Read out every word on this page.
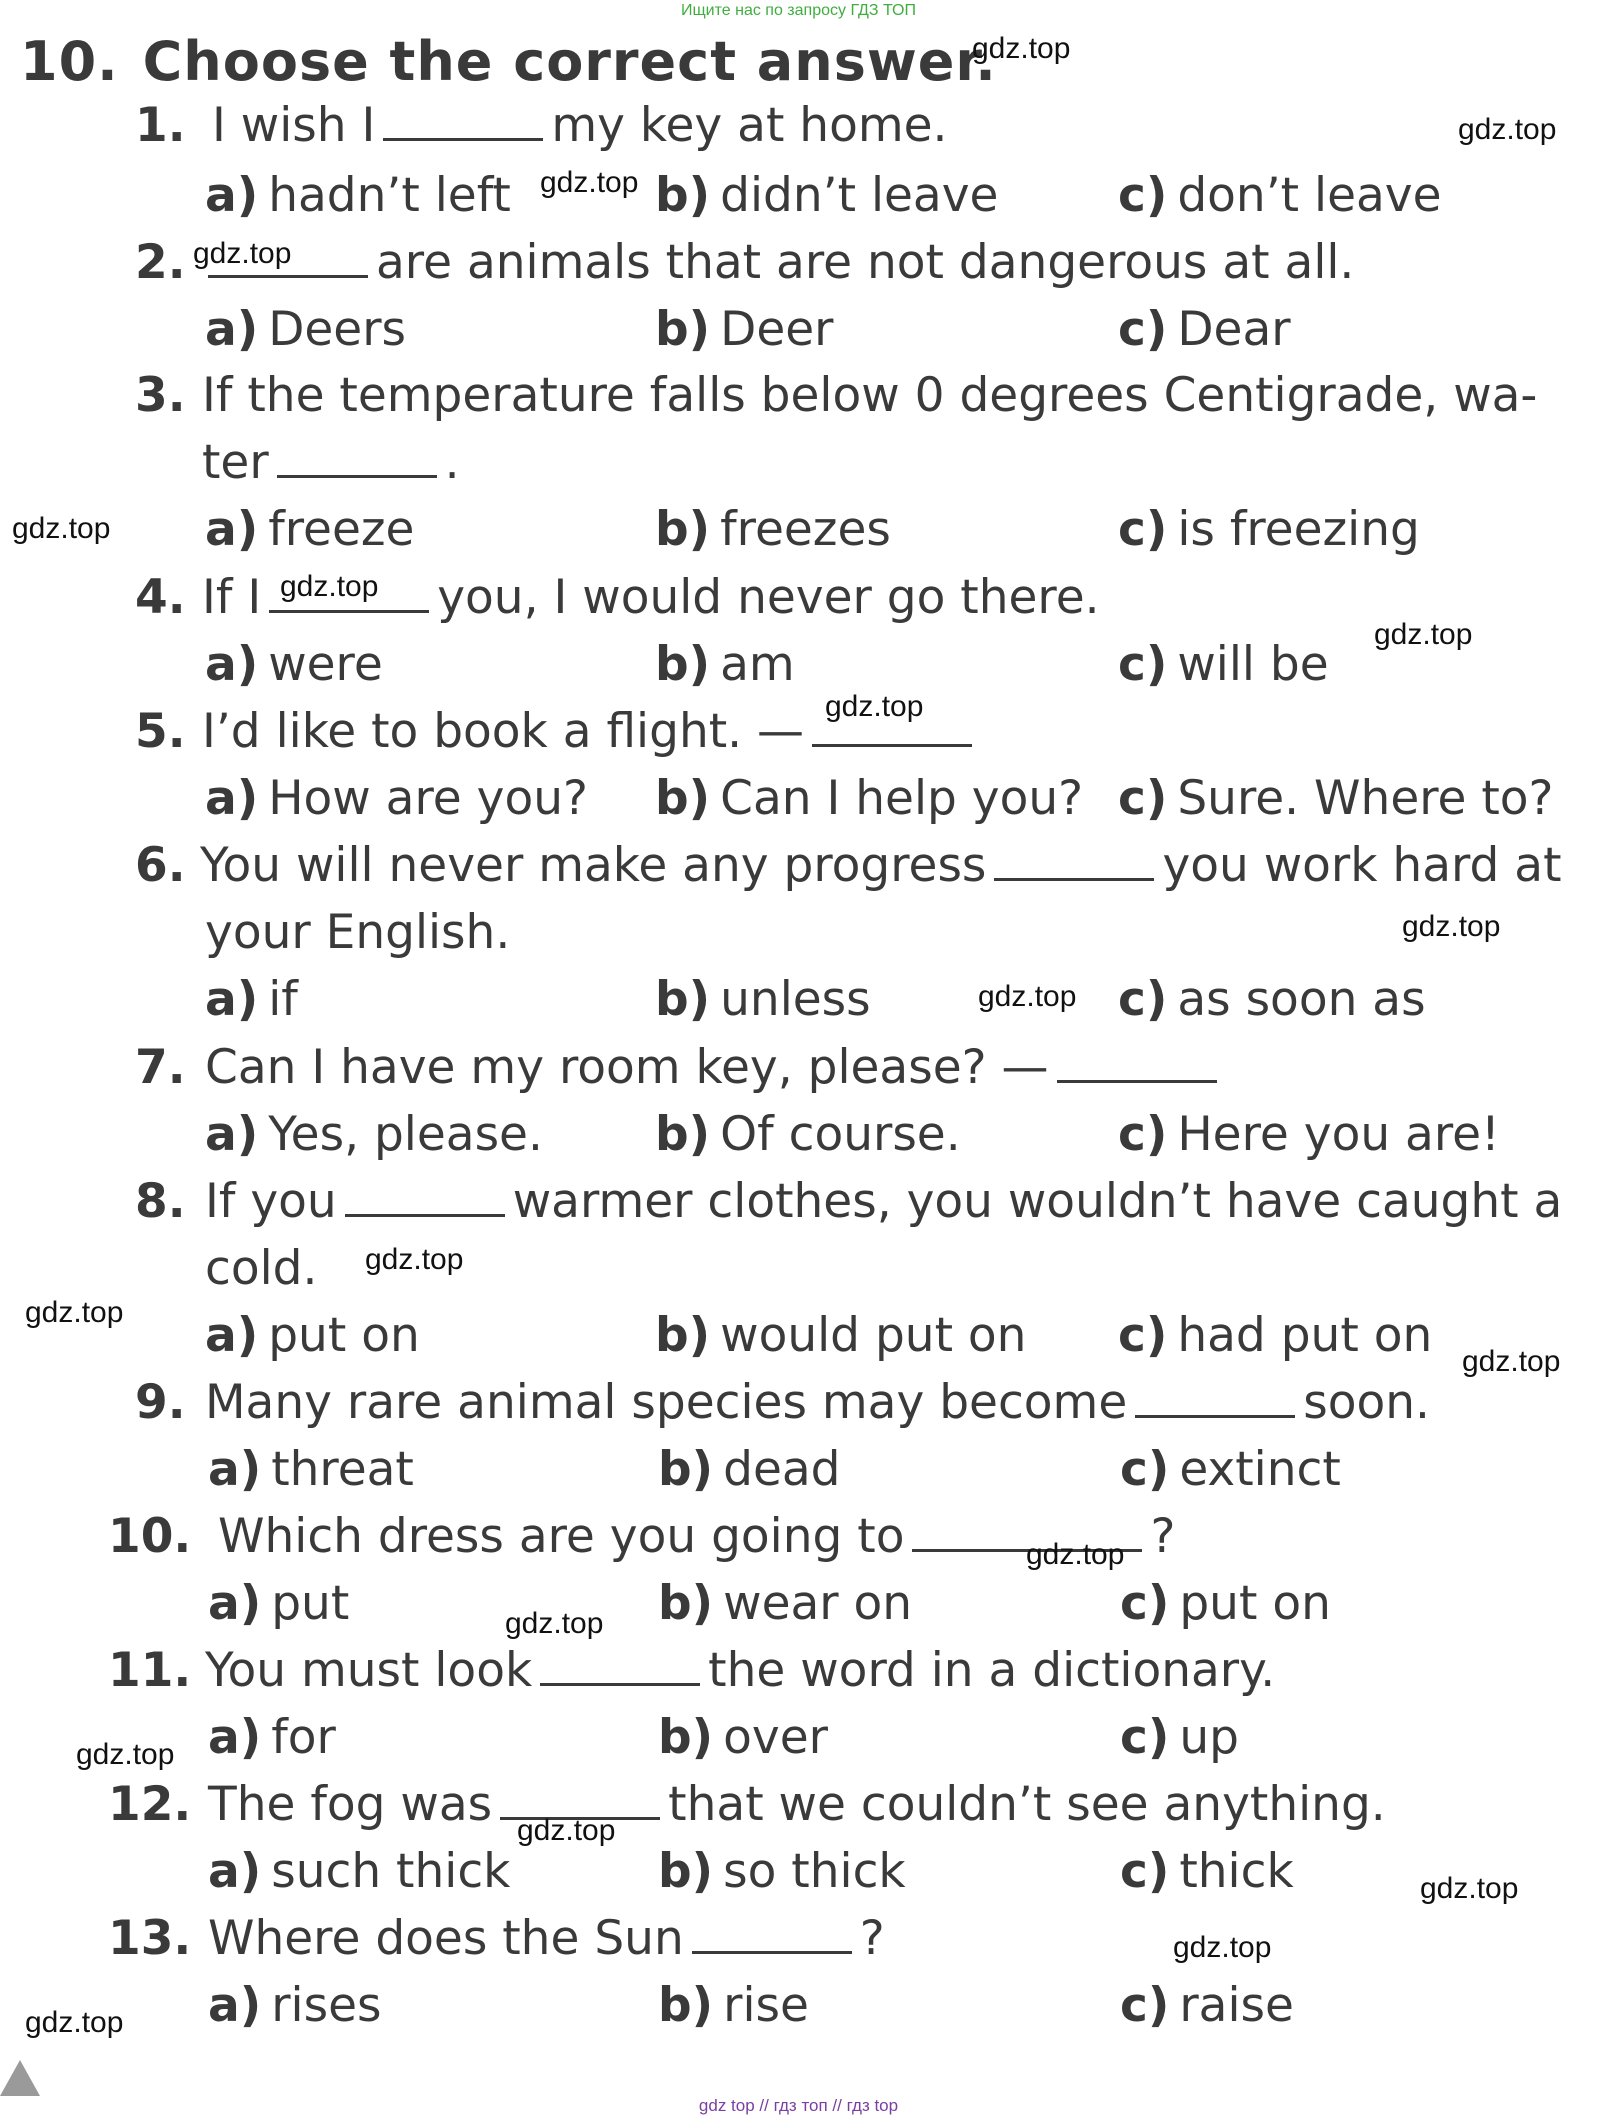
Ищите нас по запросу ГДЗ ТОП
10. Choose the correct answer.
1. I wish I	my key at home.
a) hadn’t left	b) didn’t leave	c) don’t leave
2.	are animals that are not dangerous at all.
a) Deers	b) Deer	c) Dear
3. If the temperature falls below 0 degrees Centigrade, wa-
ter	.
a) freeze	b) freezes	c) is freezing
4. If I	you, I would never go there.
a) were	b) am	c) will be
5. I’d like to book a flight. —
a) How are you? b) Can I help you? c) Sure. Where to?
6. You will never make any progress	you work hard at
your English.
a) if	b) unless	c) as soon as
7. Can I have my room key, please? —
a) Yes, please. b) Of course.	c) Here you are!
8. If you	warmer clothes, you wouldn’t have caught a
cold.
a) put on	b) would put on c) had put on
9. Many rare animal species may become	soon.
a) threat	b) dead	c) extinct
10. Which dress are you going to	?
a) put	b) wear on	c) put on
11. You must look	the word in a dictionary.
a) for	b) over	c) up
12. The fog was	that we couldn’t see anything.
a) such thick	b) so thick	c) thick
13. Where does the Sun	?
a) rises	b) rise	c) raise
gdz.top
gdz.top
gdz.top
gdz.top
gdz.top
gdz.top
gdz.top
gdz.top
gdz.top
gdz.top
gdz.top
gdz.top
gdz.top
gdz.top
gdz.top
gdz.top
gdz.top
gdz.top
gdz.top
gdz.top
gdz top // гдз топ // гдз top
